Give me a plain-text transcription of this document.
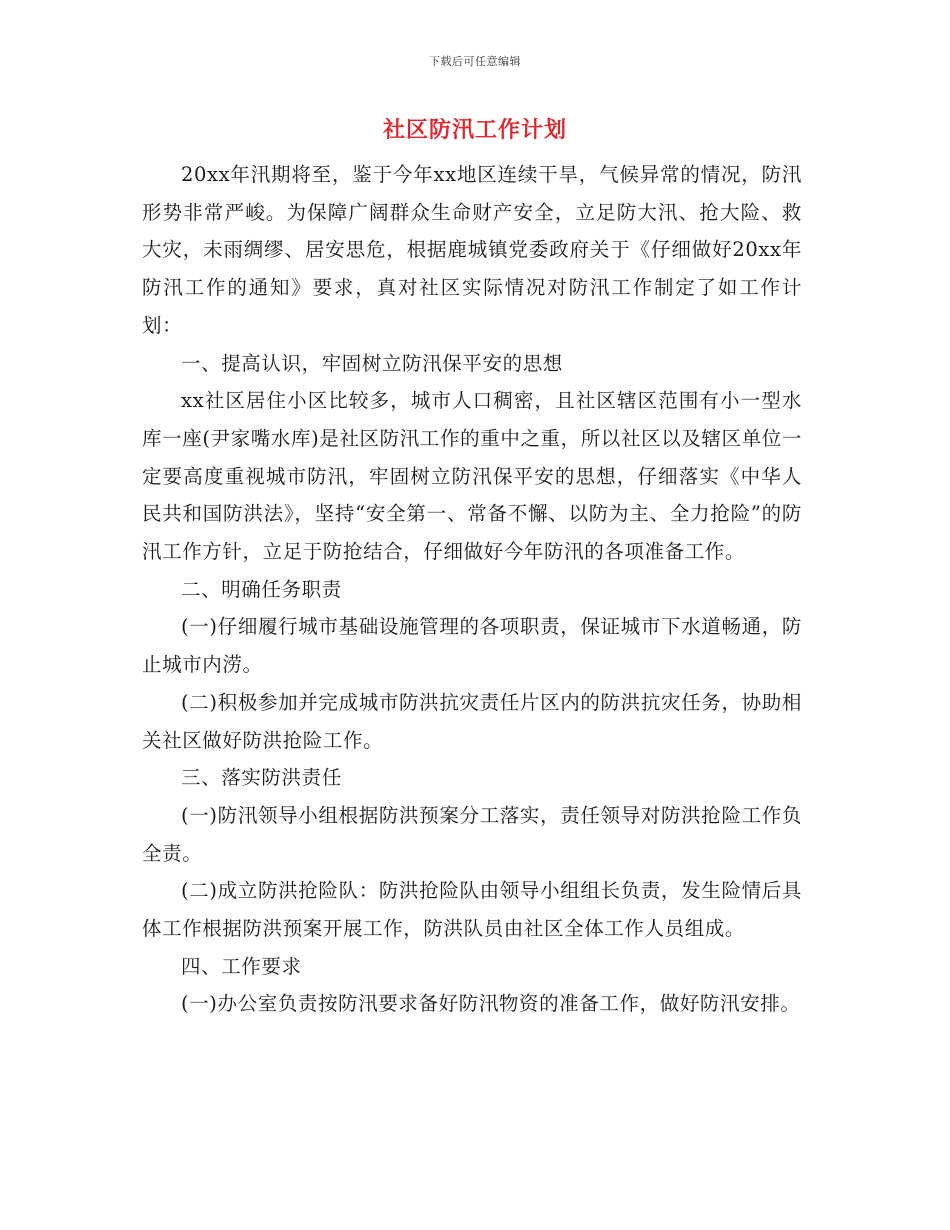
下载后可任意编辑
社区防汛工作计划

20xx年汛期将至，鉴于今年xx地区连续干旱，气候异常的情况，防汛形势非常严峻。为保障广阔群众生命财产安全，立足防大汛、抢大险、救大灾，未雨绸缪、居安思危，根据鹿城镇党委政府关于《仔细做好20xx年防汛工作的通知》要求，真对社区实际情况对防汛工作制定了如工作计划：

一、提高认识，牢固树立防汛保平安的思想

xx社区居住小区比较多，城市人口稠密，且社区辖区范围有小一型水库一座(尹家嘴水库)是社区防汛工作的重中之重，所以社区以及辖区单位一定要高度重视城市防汛，牢固树立防汛保平安的思想，仔细落实《中华人民共和国防洪法》，坚持“安全第一、常备不懈、以防为主、全力抢险”的防汛工作方针，立足于防抢结合，仔细做好今年防汛的各项准备工作。

二、明确任务职责

(一)仔细履行城市基础设施管理的各项职责，保证城市下水道畅通，防止城市内涝。

(二)积极参加并完成城市防洪抗灾责任片区内的防洪抗灾任务，协助相关社区做好防洪抢险工作。

三、落实防洪责任

(一)防汛领导小组根据防洪预案分工落实，责任领导对防洪抢险工作负全责。

(二)成立防洪抢险队：防洪抢险队由领导小组组长负责，发生险情后具体工作根据防洪预案开展工作，防洪队员由社区全体工作人员组成。

四、工作要求

(一)办公室负责按防汛要求备好防汛物资的准备工作，做好防汛安排。
